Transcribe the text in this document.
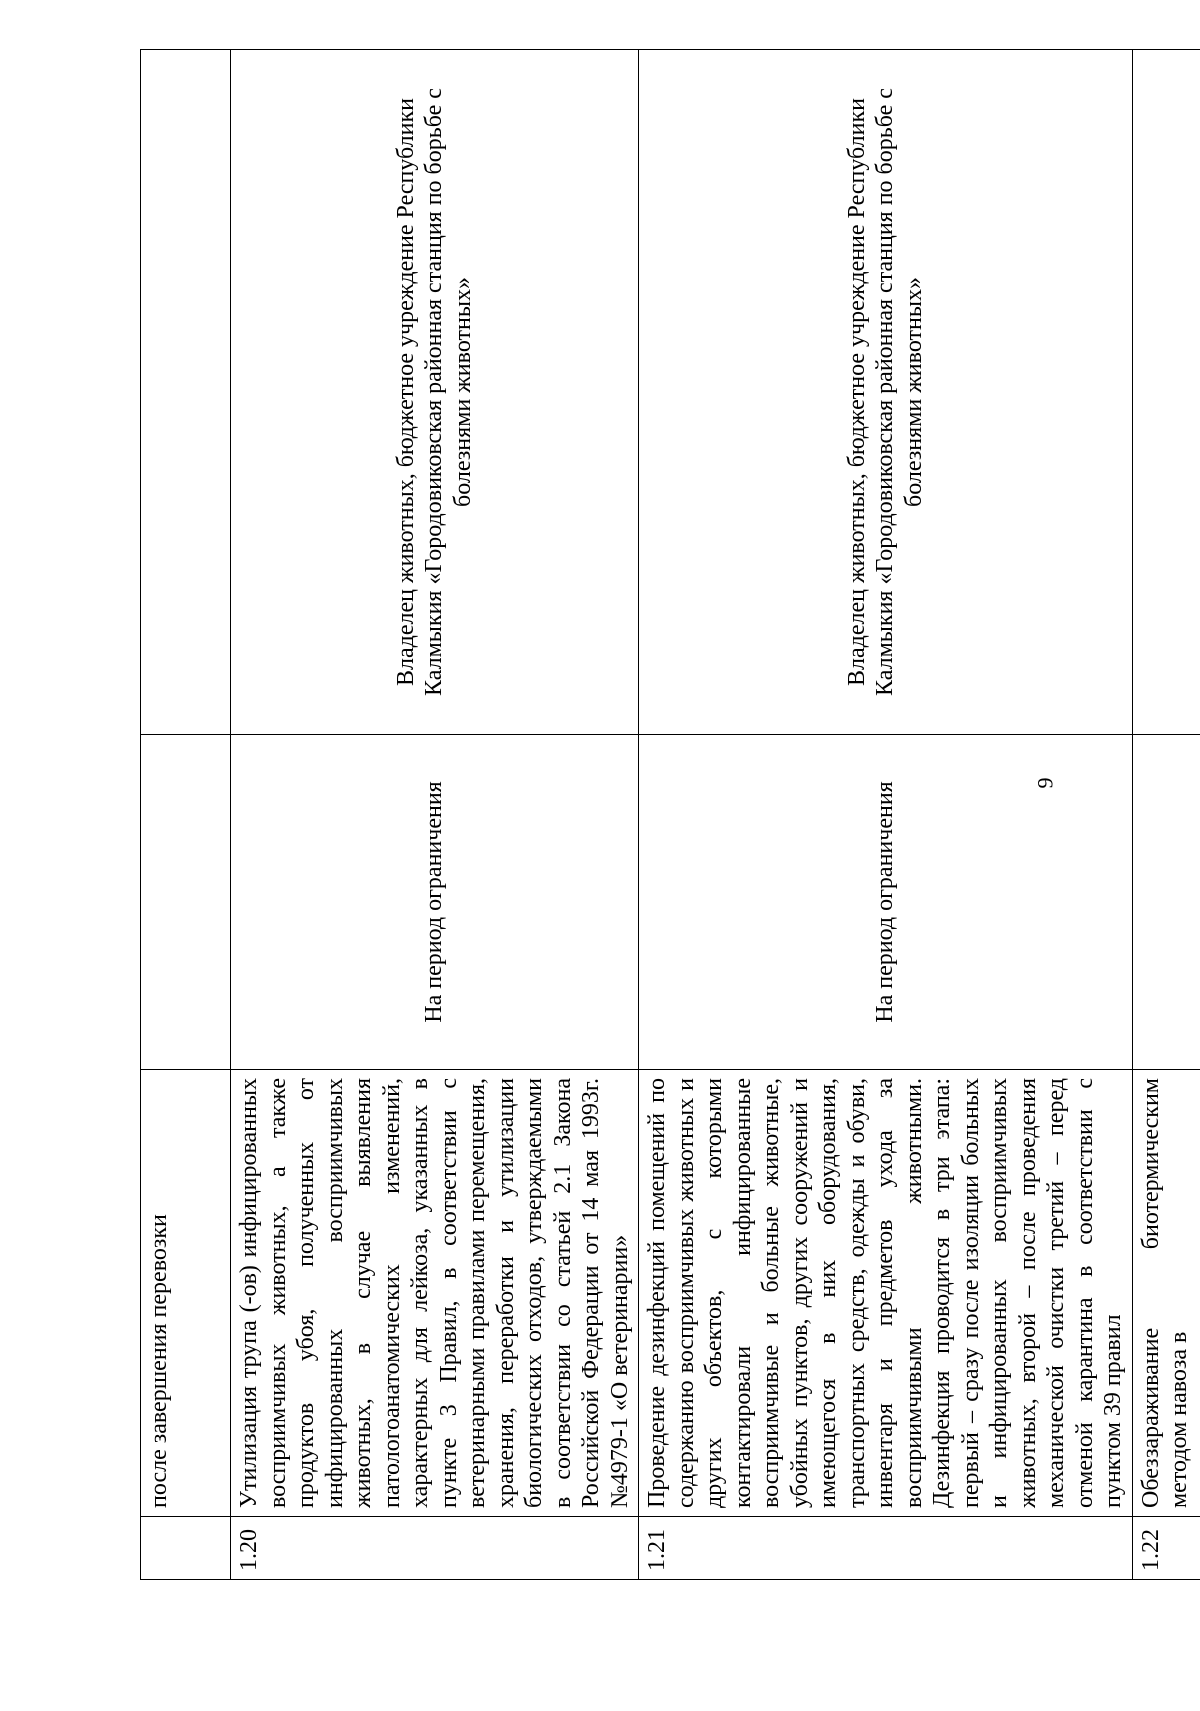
	после завершения перевозки		
1.20	Утилизация трупа (-ов) инфицированных восприимчивых животных, а также продуктов убоя, полученных от инфицированных восприимчивых животных, в случае выявления патологоанатомических изменений, характерных для лейкоза, указанных в пункте 3 Правил, в соответствии с ветеринарными правилами перемещения, хранения, переработки и утилизации биологических отходов, утверждаемыми в соответствии со статьей 2.1 Закона Российской Федерации от 14 мая 1993г. №4979-1 «О ветеринарии»	На период ограничения	Владелец животных, бюджетное учреждение Республики Калмыкия «Городовиковская районная станция по борьбе с болезнями животных»
1.21	Проведение дезинфекций помещений по содержанию восприимчивых животных и других объектов, с которыми контактировали инфицированные восприимчивые и больные животные, убойных пунктов, других сооружений и имеющегося в них оборудования, транспортных средств, одежды и обуви, инвентаря и предметов ухода за восприимчивыми животными. Дезинфекция проводится в три этапа: первый – сразу после изоляции больных и инфицированных восприимчивых животных, второй – после проведения механической очистки третий – перед отменой карантина в соответствии с пунктом 39 правил	На период ограничения	Владелец животных, бюджетное учреждение Республики Калмыкия «Городовиковская районная станция по борьбе с болезнями животных»
1.22	Обеззараживание биотермическим методом навоза в		
9
